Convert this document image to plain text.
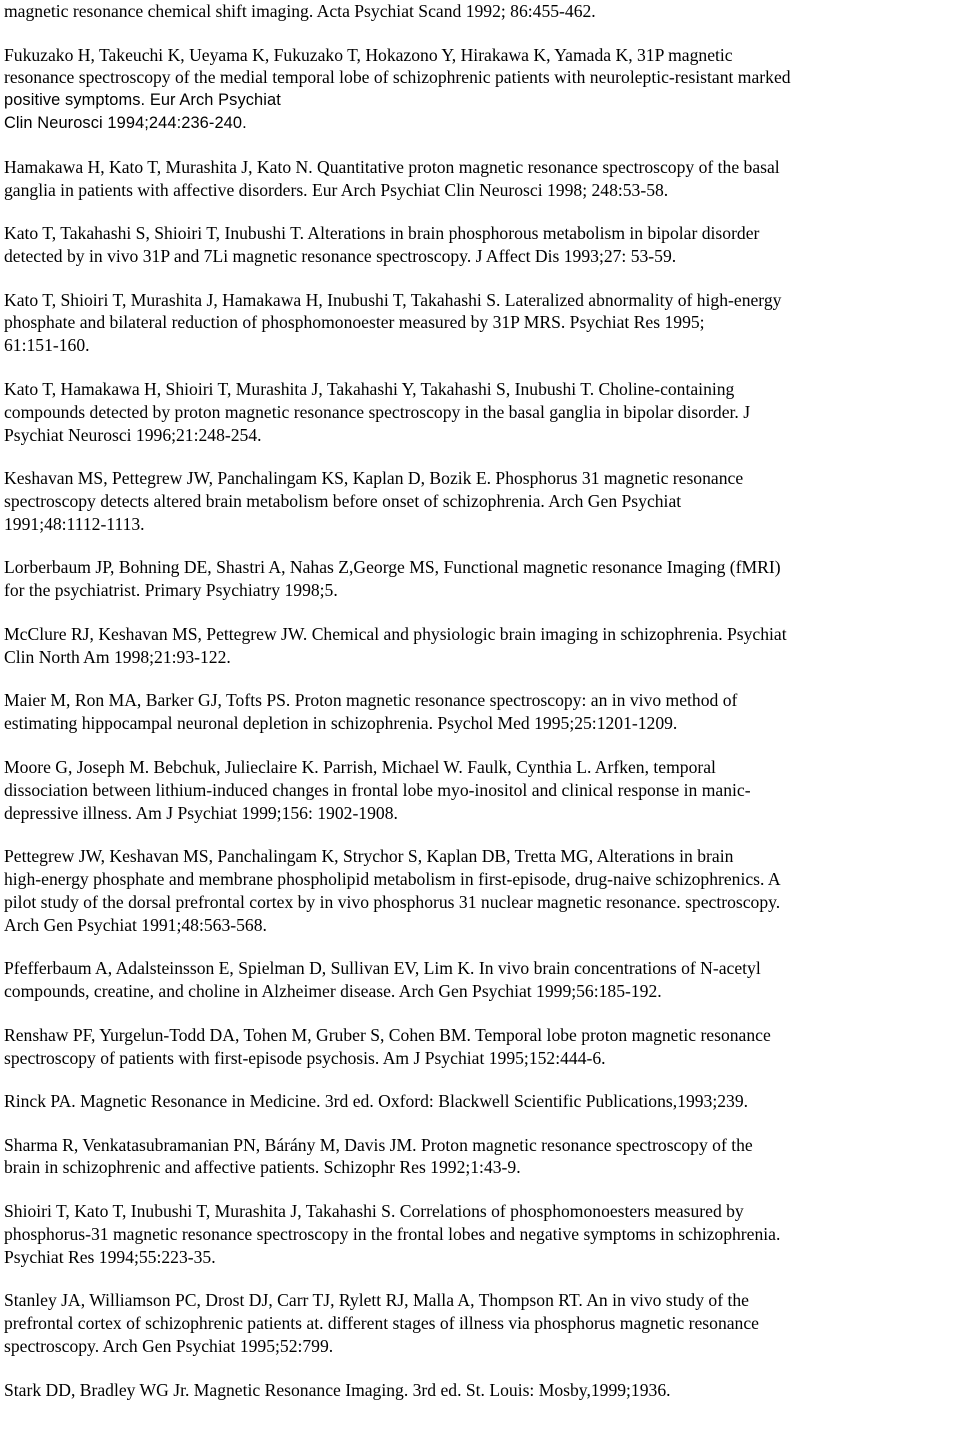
magnetic resonance chemical shift imaging. Acta Psychiat Scand 1992; 86:455-462.

Fukuzako H, Takeuchi K, Ueyama K, Fukuzako T, Hokazono Y, Hirakawa K, Yamada K, 31P magnetic
resonance spectroscopy of the medial temporal lobe of schizophrenic patients with neuroleptic-resistant marked
positive symptoms. Eur Arch Psychiat
Clin Neurosci 1994;244:236-240.

Hamakawa H, Kato T, Murashita J, Kato N. Quantitative proton magnetic resonance spectroscopy of the basal
ganglia in patients with affective disorders. Eur Arch Psychiat Clin Neurosci 1998; 248:53-58.

Kato T, Takahashi S, Shioiri T, Inubushi T. Alterations in brain phosphorous metabolism in bipolar disorder
detected by in vivo 31P and 7Li magnetic resonance spectroscopy. J Affect Dis 1993;27: 53-59.

Kato T, Shioiri T, Murashita J, Hamakawa H, Inubushi T, Takahashi S. Lateralized abnormality of high-energy
phosphate and bilateral reduction of phosphomonoester measured by 31P MRS. Psychiat Res 1995;
61:151-160.

Kato T, Hamakawa H, Shioiri T, Murashita J, Takahashi Y, Takahashi S, Inubushi T. Choline-containing
compounds detected by proton magnetic resonance spectroscopy in the basal ganglia in bipolar disorder. J
Psychiat Neurosci 1996;21:248-254.

Keshavan MS, Pettegrew JW, Panchalingam KS, Kaplan D, Bozik E. Phosphorus 31 magnetic resonance
spectroscopy detects altered brain metabolism before onset of schizophrenia. Arch Gen Psychiat
1991;48:1112-1113.

Lorberbaum JP, Bohning DE, Shastri A, Nahas Z,George MS, Functional magnetic resonance Imaging (fMRI)
for the psychiatrist. Primary Psychiatry 1998;5.

McClure RJ, Keshavan MS, Pettegrew JW. Chemical and physiologic brain imaging in schizophrenia. Psychiat
Clin North Am 1998;21:93-122.

Maier M, Ron MA, Barker GJ, Tofts PS. Proton magnetic resonance spectroscopy: an in vivo method of
estimating hippocampal neuronal depletion in schizophrenia. Psychol Med 1995;25:1201-1209.

Moore G, Joseph M. Bebchuk, Julieclaire K. Parrish, Michael W. Faulk, Cynthia L. Arfken, temporal
dissociation between lithium-induced changes in frontal lobe myo-inositol and clinical response in manic-
depressive illness. Am J Psychiat 1999;156: 1902-1908.

Pettegrew JW, Keshavan MS, Panchalingam K, Strychor S, Kaplan DB, Tretta MG, Alterations in brain
high-energy phosphate and membrane phospholipid metabolism in first-episode, drug-naive schizophrenics. A
pilot study of the dorsal prefrontal cortex by in vivo phosphorus 31 nuclear magnetic resonance. spectroscopy.
Arch Gen Psychiat 1991;48:563-568.

Pfefferbaum A, Adalsteinsson E, Spielman D, Sullivan EV, Lim K. In vivo brain concentrations of N-acetyl
compounds, creatine, and choline in Alzheimer disease. Arch Gen Psychiat 1999;56:185-192.

Renshaw PF, Yurgelun-Todd DA, Tohen M, Gruber S, Cohen BM. Temporal lobe proton magnetic resonance
spectroscopy of patients with first-episode psychosis. Am J Psychiat 1995;152:444-6.

Rinck PA. Magnetic Resonance in Medicine. 3rd ed. Oxford: Blackwell Scientific Publications,1993;239.

Sharma R, Venkatasubramanian PN, Bárány M, Davis JM. Proton magnetic resonance spectroscopy of the
brain in schizophrenic and affective patients. Schizophr Res 1992;1:43-9.

Shioiri T, Kato T, Inubushi T, Murashita J, Takahashi S. Correlations of phosphomonoesters measured by
phosphorus-31 magnetic resonance spectroscopy in the frontal lobes and negative symptoms in schizophrenia.
Psychiat Res 1994;55:223-35.

Stanley JA, Williamson PC, Drost DJ, Carr TJ, Rylett RJ, Malla A, Thompson RT. An in vivo study of the
prefrontal cortex of schizophrenic patients at. different stages of illness via phosphorus magnetic resonance
spectroscopy. Arch Gen Psychiat 1995;52:799.

Stark DD, Bradley WG Jr. Magnetic Resonance Imaging. 3rd ed. St. Louis: Mosby,1999;1936.
